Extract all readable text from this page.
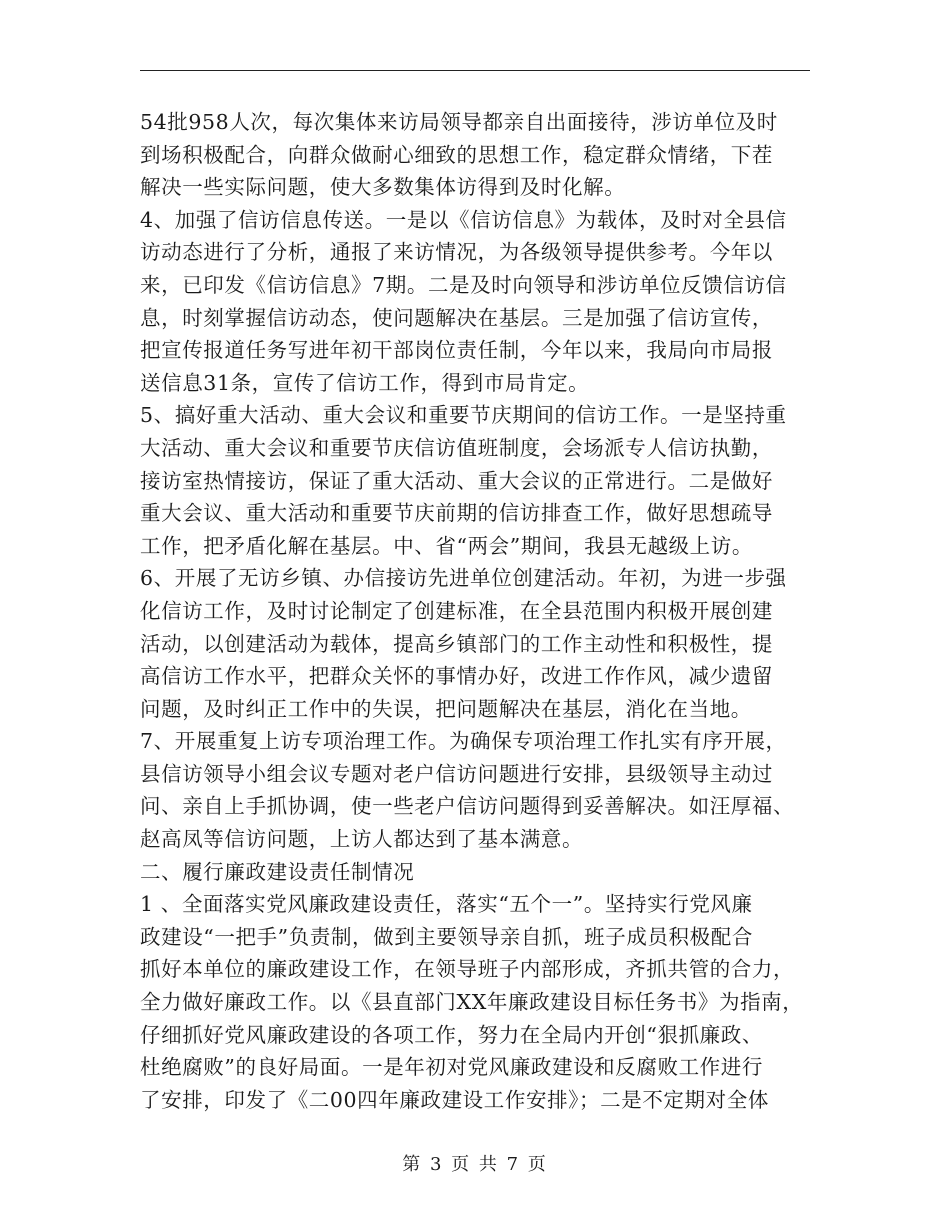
54批958人次，每次集体来访局领导都亲自出面接待，涉访单位及时
到场积极配合，向群众做耐心细致的思想工作，稳定群众情绪，下茬
解决一些实际问题，使大多数集体访得到及时化解。
4、加强了信访信息传送。一是以《信访信息》为载体，及时对全县信
访动态进行了分析，通报了来访情况，为各级领导提供参考。今年以
来，已印发《信访信息》7期。二是及时向领导和涉访单位反馈信访信
息，时刻掌握信访动态，使问题解决在基层。三是加强了信访宣传，
把宣传报道任务写进年初干部岗位责任制，今年以来，我局向市局报
送信息31条，宣传了信访工作，得到市局肯定。
5、搞好重大活动、重大会议和重要节庆期间的信访工作。一是坚持重
大活动、重大会议和重要节庆信访值班制度，会场派专人信访执勤，
接访室热情接访，保证了重大活动、重大会议的正常进行。二是做好
重大会议、重大活动和重要节庆前期的信访排查工作，做好思想疏导
工作，把矛盾化解在基层。中、省“两会”期间，我县无越级上访。
6、开展了无访乡镇、办信接访先进单位创建活动。年初，为进一步强
化信访工作，及时讨论制定了创建标准，在全县范围内积极开展创建
活动，以创建活动为载体，提高乡镇部门的工作主动性和积极性，提
高信访工作水平，把群众关怀的事情办好，改进工作作风，减少遗留
问题，及时纠正工作中的失误，把问题解决在基层，消化在当地。
7、开展重复上访专项治理工作。为确保专项治理工作扎实有序开展，
县信访领导小组会议专题对老户信访问题进行安排，县级领导主动过
问、亲自上手抓协调，使一些老户信访问题得到妥善解决。如汪厚福、
赵高凤等信访问题，上访人都达到了基本满意。
二、履行廉政建设责任制情况
1 、全面落实党风廉政建设责任，落实“五个一”。坚持实行党风廉
政建设“一把手”负责制，做到主要领导亲自抓，班子成员积极配合
抓好本单位的廉政建设工作，在领导班子内部形成，齐抓共管的合力，
全力做好廉政工作。以《县直部门XX年廉政建设目标任务书》为指南，
仔细抓好党风廉政建设的各项工作，努力在全局内开创“狠抓廉政、
杜绝腐败”的良好局面。一是年初对党风廉政建设和反腐败工作进行
了安排，印发了《二00四年廉政建设工作安排》；二是不定期对全体
第 3 页 共 7 页
